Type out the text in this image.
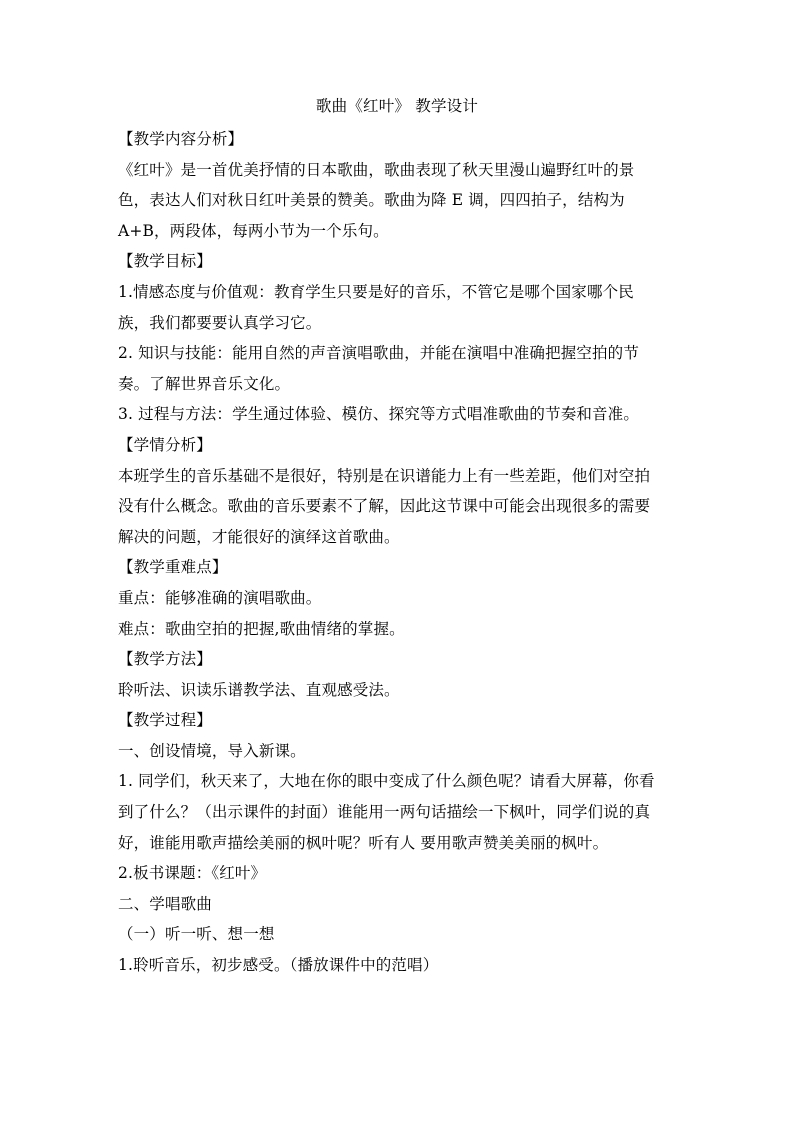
歌曲《红叶》 教学设计
【教学内容分析】
《红叶》是一首优美抒情的日本歌曲，歌曲表现了秋天里漫山遍野红叶的景
色，表达人们对秋日红叶美景的赞美。歌曲为降 E 调，四四拍子，结构为
A+B，两段体，每两小节为一个乐句。
【教学目标】
1.情感态度与价值观：教育学生只要是好的音乐，不管它是哪个国家哪个民
族，我们都要要认真学习它。
2. 知识与技能：能用自然的声音演唱歌曲，并能在演唱中准确把握空拍的节
奏。了解世界音乐文化。
3. 过程与方法：学生通过体验、模仿、探究等方式唱准歌曲的节奏和音准。
【学情分析】
本班学生的音乐基础不是很好，特别是在识谱能力上有一些差距，他们对空拍
没有什么概念。歌曲的音乐要素不了解，因此这节课中可能会出现很多的需要
解决的问题，才能很好的演绎这首歌曲。
【教学重难点】
重点：能够准确的演唱歌曲。
难点：歌曲空拍的把握,歌曲情绪的掌握。
【教学方法】
聆听法、识读乐谱教学法、直观感受法。
【教学过程】
一、创设情境，导入新课。
1. 同学们，秋天来了，大地在你的眼中变成了什么颜色呢？请看大屏幕，你看
到了什么？（出示课件的封面）谁能用一两句话描绘一下枫叶，同学们说的真
好，谁能用歌声描绘美丽的枫叶呢？听有人 要用歌声赞美美丽的枫叶。
2.板书课题：《红叶》
二、学唱歌曲
（一）听一听、想一想
1.聆听音乐，初步感受。（播放课件中的范唱）
